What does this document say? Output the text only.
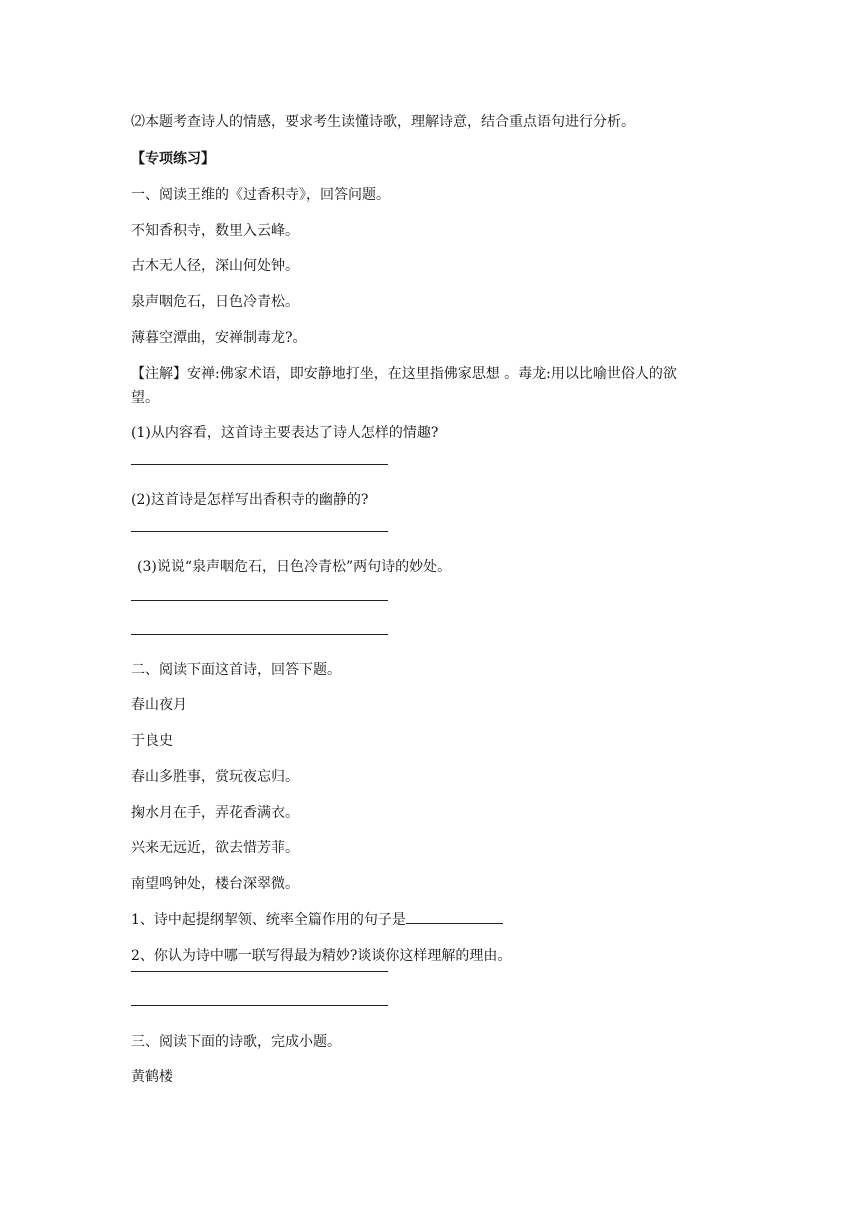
⑵本题考查诗人的情感，要求考生读懂诗歌，理解诗意，结合重点语句进行分析。
【专项练习】
一、阅读王维的《过香积寺》，回答问题。
不知香积寺，数里入云峰。
古木无人径，深山何处钟。
泉声咽危石，日色冷青松。
薄暮空潭曲，安禅制毒龙?。
【注解】安禅:佛家术语，即安静地打坐，在这里指佛家思想 。毒龙:用以比喻世俗人的欲
望。
(1)从内容看，这首诗主要表达了诗人怎样的情趣?
(2)这首诗是怎样写出香积寺的幽静的?
(3)说说“泉声咽危石，日色冷青松”两句诗的妙处。
二、阅读下面这首诗，回答下题。
春山夜月
于良史
春山多胜事，赏玩夜忘归。
掬水月在手，弄花香满衣。
兴来无远近，欲去惜芳菲。
南望鸣钟处，楼台深翠微。
1、诗中起提纲挈领、统率全篇作用的句子是
2、你认为诗中哪一联写得最为精妙?谈谈你这样理解的理由。
三、阅读下面的诗歌，完成小题。
黄鹤楼
